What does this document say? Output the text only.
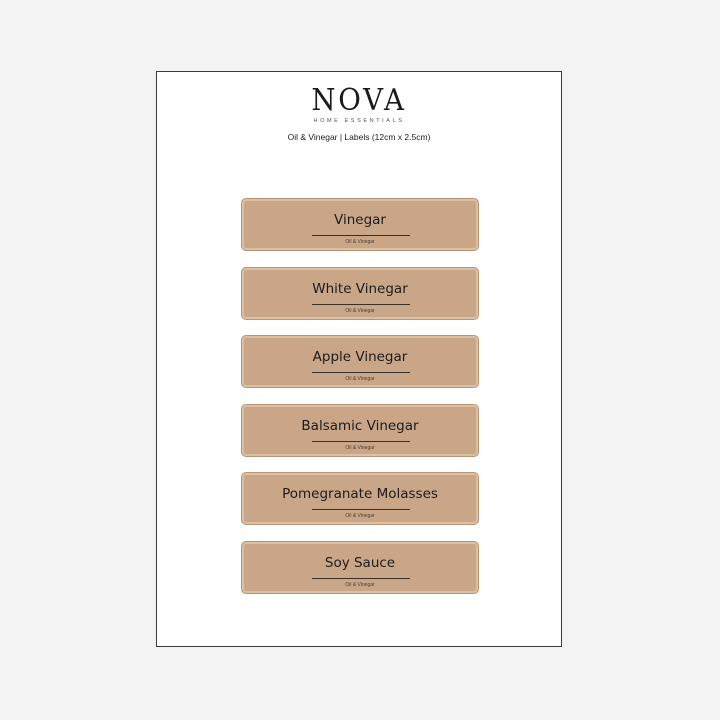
NOVA
HOME ESSENTIALS
Oil & Vinegar | Labels (12cm x 2.5cm)
Vinegar
Oil & Vinegar
White Vinegar
Oil & Vinegar
Apple Vinegar
Oil & Vinegar
Balsamic Vinegar
Oil & Vinegar
Pomegranate Molasses
Oil & Vinegar
Soy Sauce
Oil & Vinegar
